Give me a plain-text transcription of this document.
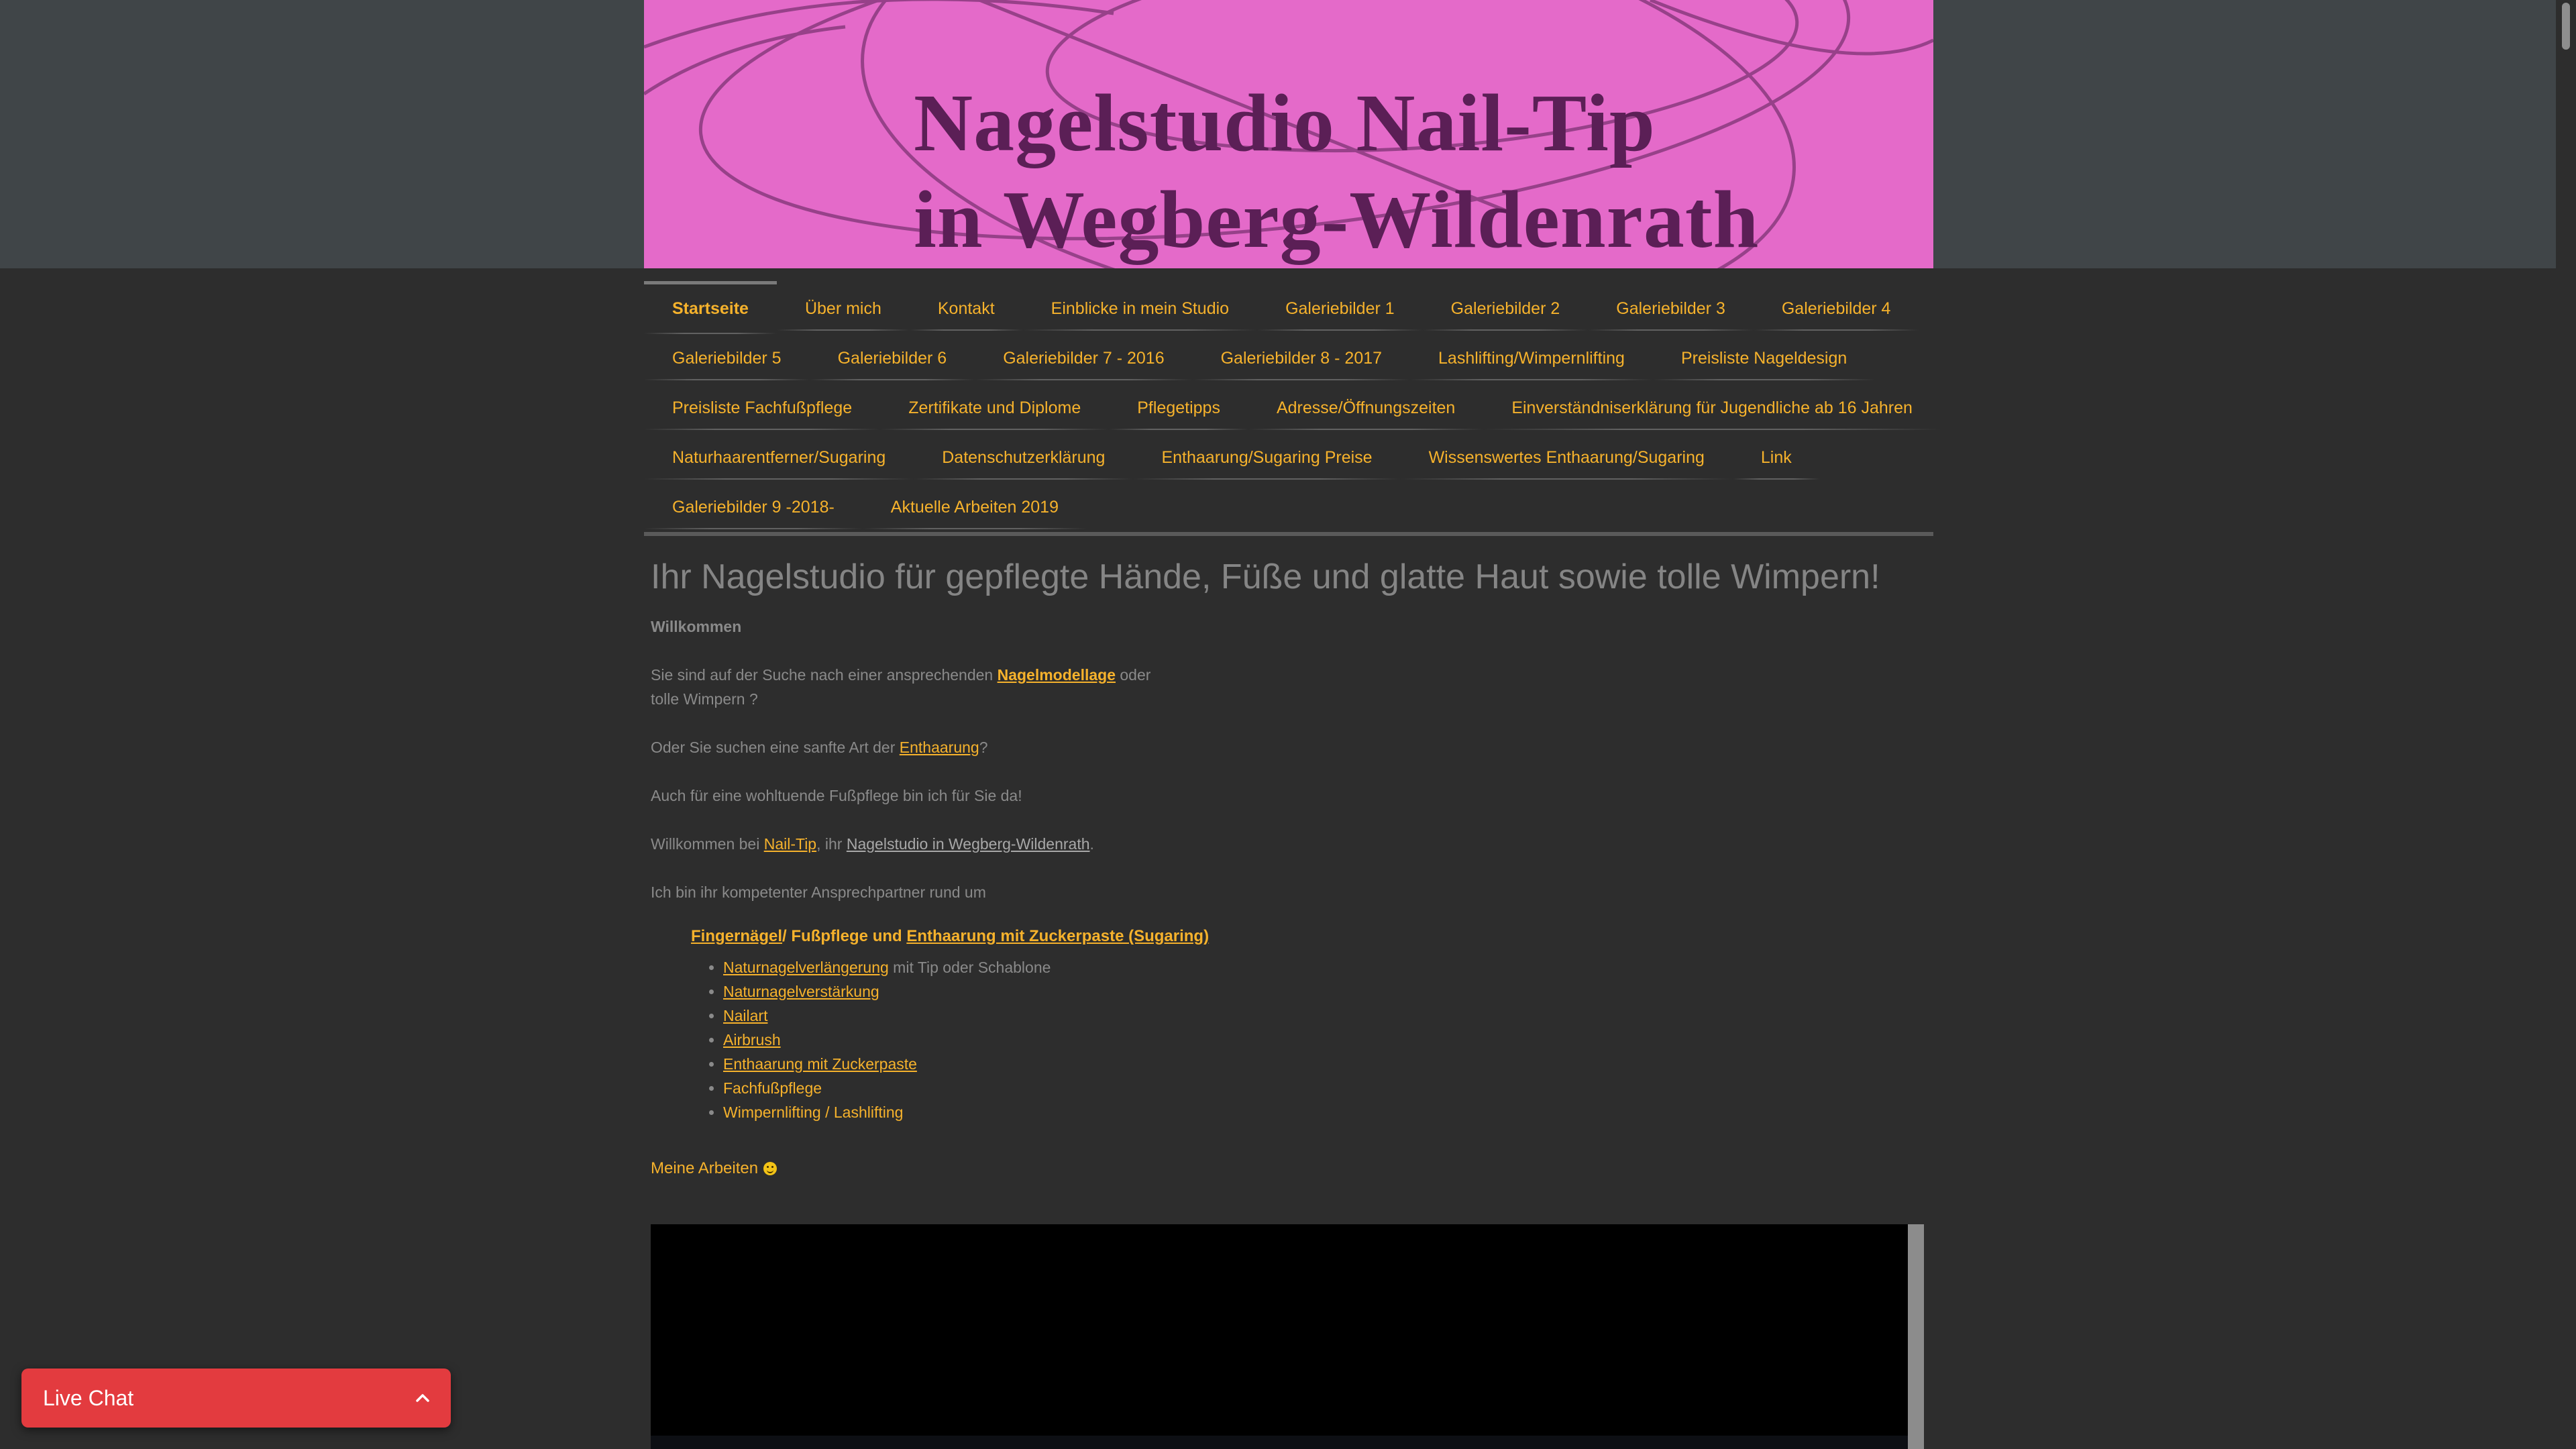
Nagelstudio Nail-Tip
in Wegberg-Wildenrath
Startseite	Über mich	Kontakt	Einblicke in mein Studio	Galeriebilder 1	Galeriebilder 2	Galeriebilder 3	Galeriebilder 4
Galeriebilder 5	Galeriebilder 6	Galeriebilder 7 - 2016	Galeriebilder 8 - 2017	Lashlifting/Wimpernlifting	Preisliste Nageldesign
Preisliste Fachfußpflege	Zertifikate und Diplome	Pflegetipps	Adresse/Öffnungszeiten	Einverständniserklärung für Jugendliche ab 16 Jahren
Naturhaarentferner/Sugaring	Datenschutzerklärung	Enthaarung/Sugaring Preise	Wissenswertes Enthaarung/Sugaring	Link
Galeriebilder 9 -2018-	Aktuelle Arbeiten 2019
Ihr Nagelstudio für gepflegte Hände, Füße und glatte Haut sowie tolle Wimpern!

Willkommen

Sie sind auf der Suche nach einer ansprechenden Nagelmodellage oder
tolle Wimpern ?

Oder Sie suchen eine sanfte Art der Enthaarung?

Auch für eine wohltuende Fußpflege bin ich für Sie da!

Willkommen bei Nail-Tip, ihr Nagelstudio in Wegberg-Wildenrath.

Ich bin ihr kompetenter Ansprechpartner rund um

Fingernägel/ Fußpflege und Enthaarung mit Zuckerpaste (Sugaring)

• Naturnagelverlängerung mit Tip oder Schablone
• Naturnagelverstärkung
• Nailart
• Airbrush
• Enthaarung mit Zuckerpaste
• Fachfußpflege
• Wimpernlifting / Lashlifting

Meine Arbeiten

Live Chat
